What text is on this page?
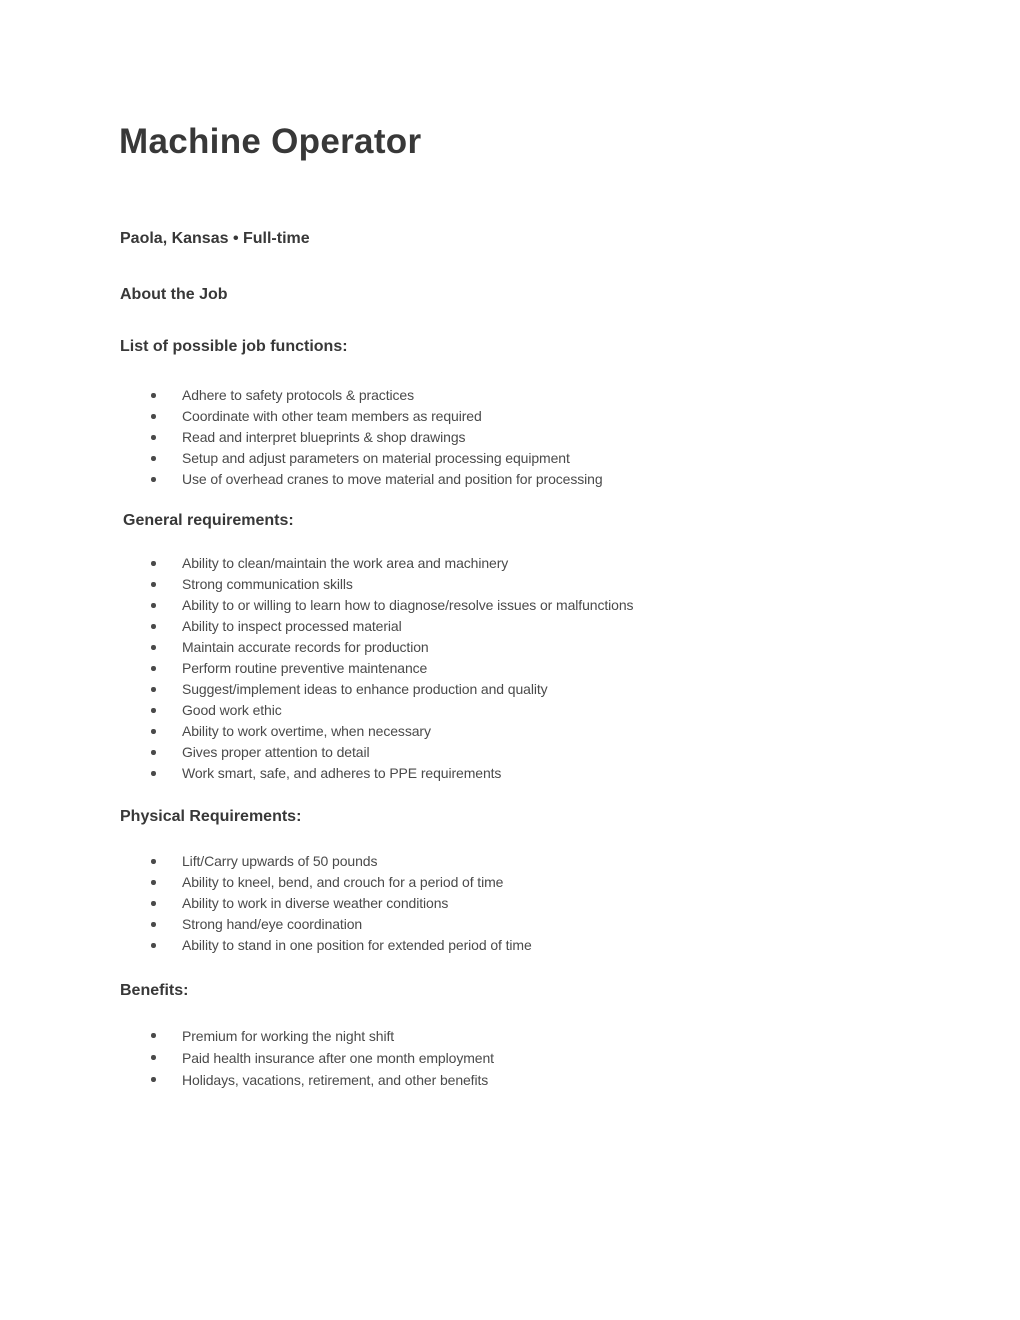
Machine Operator

Paola, Kansas • Full-time

About the Job
List of possible job functions:
Adhere to safety protocols & practices
Coordinate with other team members as required
Read and interpret blueprints & shop drawings
Setup and adjust parameters on material processing equipment
Use of overhead cranes to move material and position for processing
General requirements:
Ability to clean/maintain the work area and machinery
Strong communication skills
Ability to or willing to learn how to diagnose/resolve issues or malfunctions
Ability to inspect processed material
Maintain accurate records for production
Perform routine preventive maintenance
Suggest/implement ideas to enhance production and quality
Good work ethic
Ability to work overtime, when necessary
Gives proper attention to detail
Work smart, safe, and adheres to PPE requirements
Physical Requirements:
Lift/Carry upwards of 50 pounds
Ability to kneel, bend, and crouch for a period of time
Ability to work in diverse weather conditions
Strong hand/eye coordination
Ability to stand in one position for extended period of time
Benefits:
Premium for working the night shift
Paid health insurance after one month employment
Holidays, vacations, retirement, and other benefits
